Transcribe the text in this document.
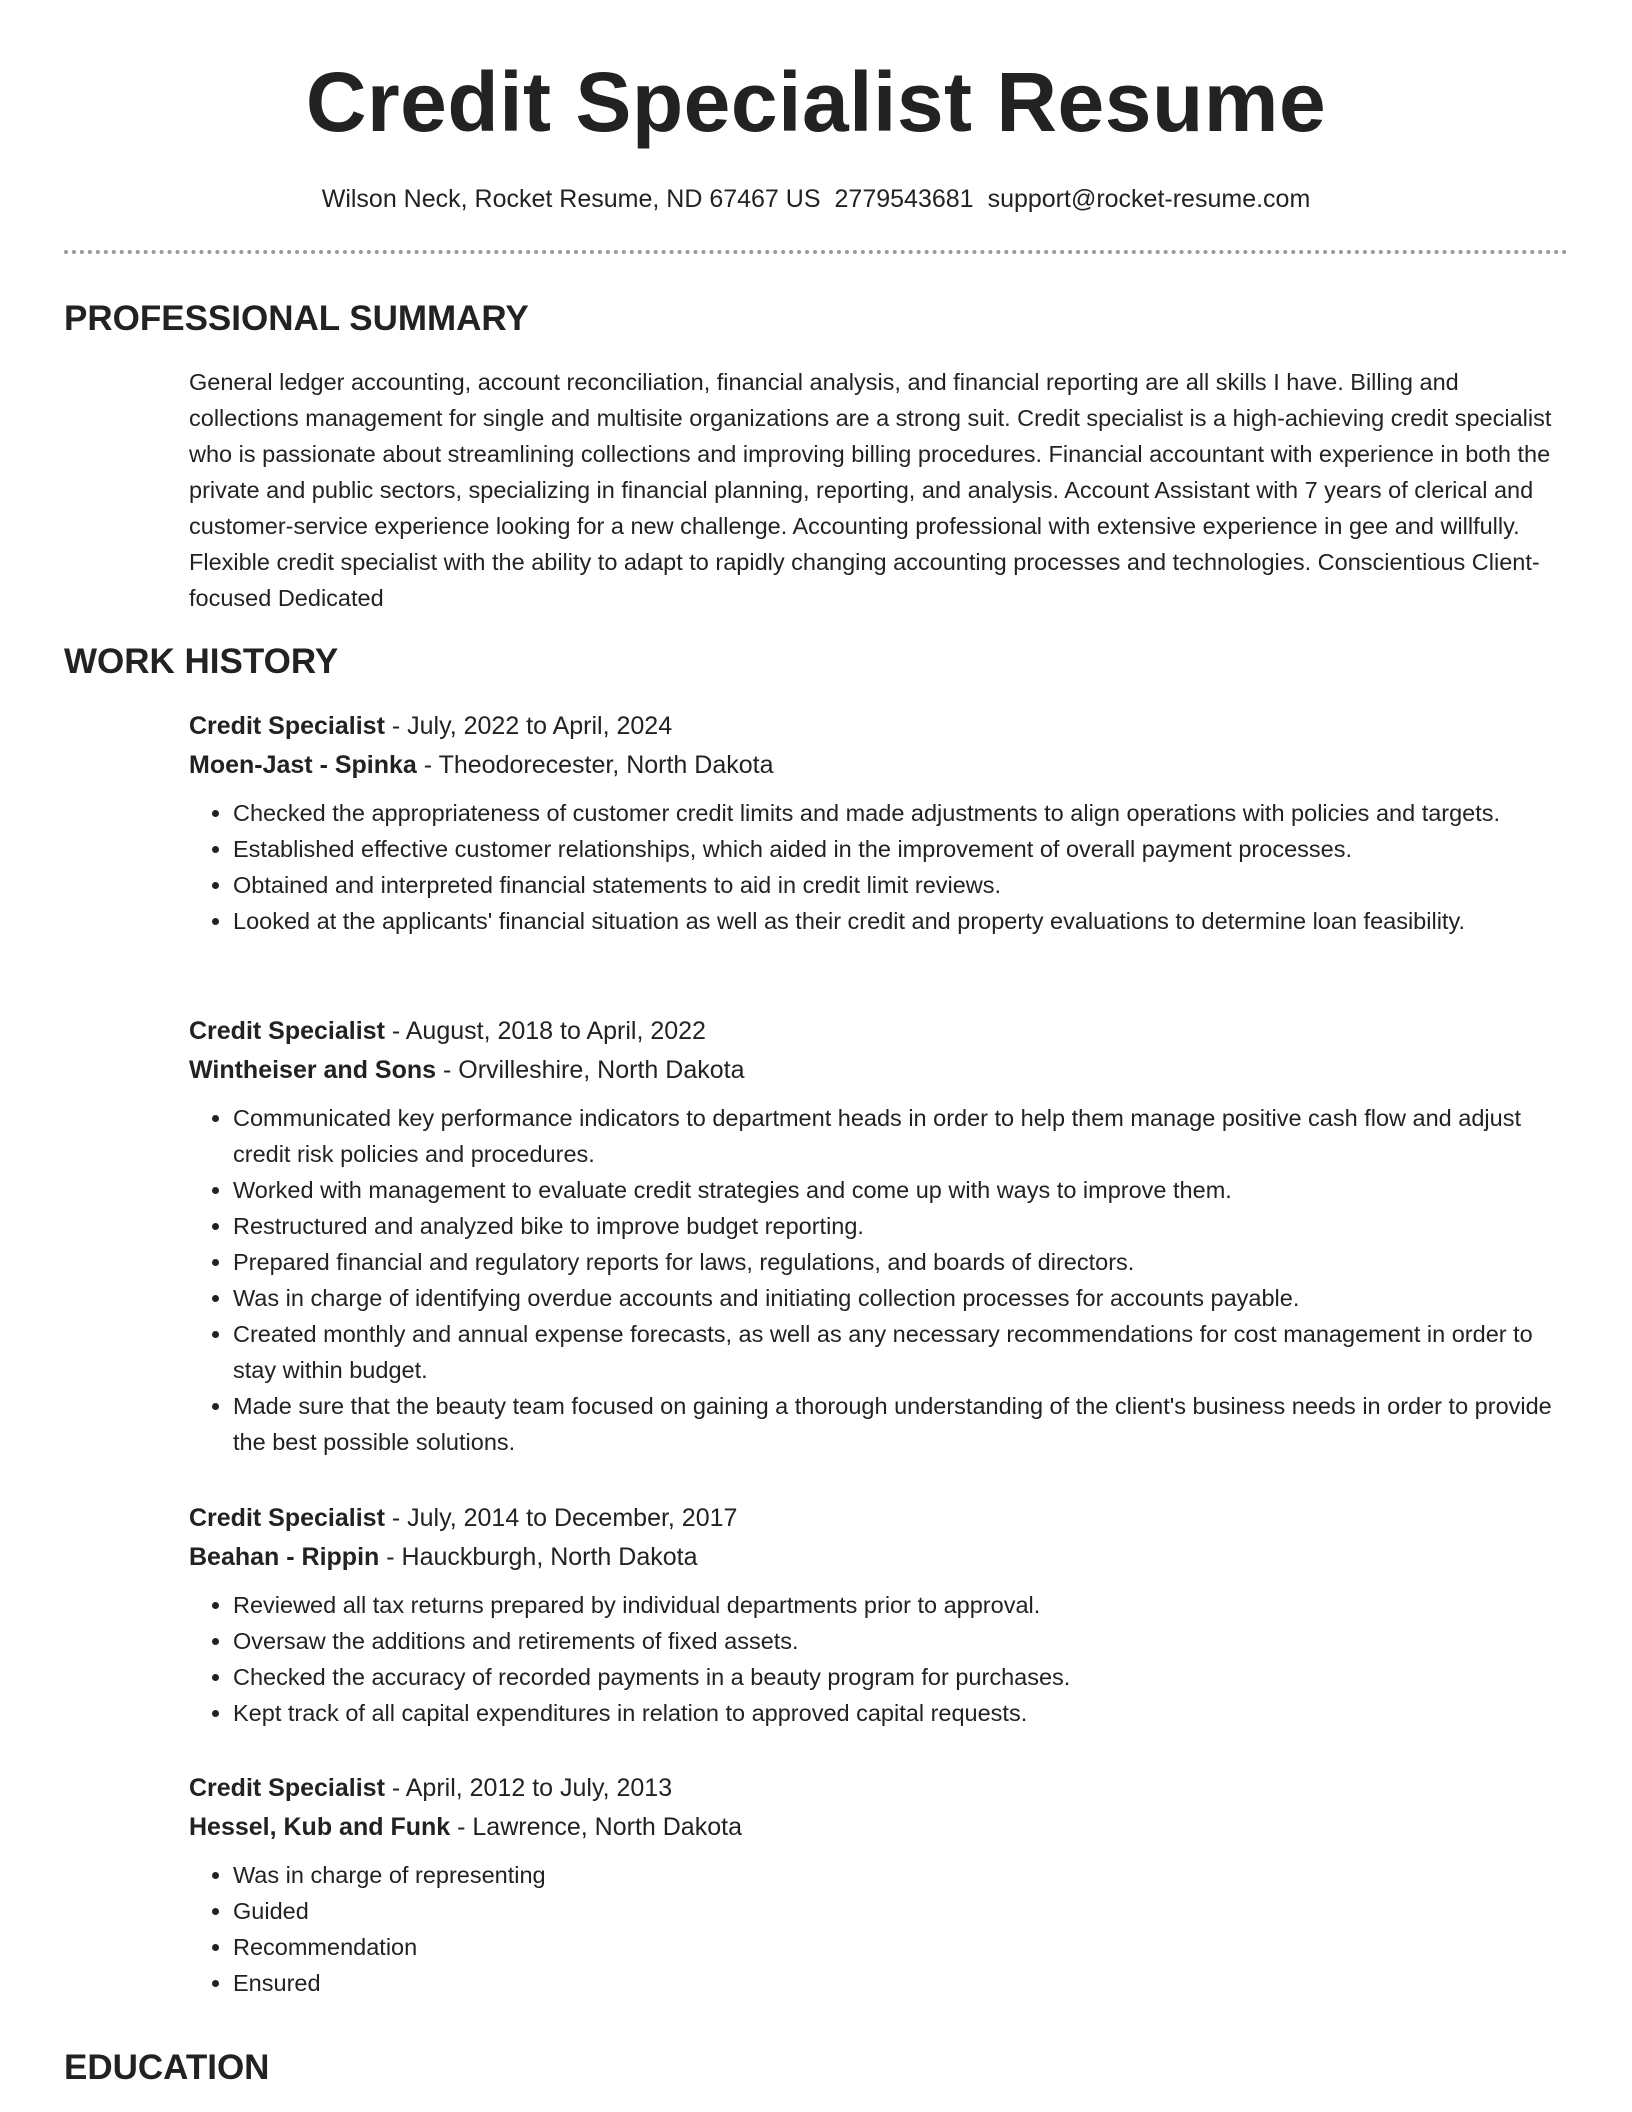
Credit Specialist Resume
Wilson Neck, Rocket Resume, ND 67467 US 2779543681 support@rocket-resume.com
PROFESSIONAL SUMMARY

General ledger accounting, account reconciliation, financial analysis, and financial reporting are all skills I have. Billing and collections management for single and multisite organizations are a strong suit. Credit specialist is a high-achieving credit specialist who is passionate about streamlining collections and improving billing procedures. Financial accountant with experience in both the private and public sectors, specializing in financial planning, reporting, and analysis. Account Assistant with 7 years of clerical and customer-service experience looking for a new challenge. Accounting professional with extensive experience in gee and willfully. Flexible credit specialist with the ability to adapt to rapidly changing accounting processes and technologies. Conscientious Client-focused Dedicated

WORK HISTORY
Credit Specialist - July, 2022 to April, 2024
Moen-Jast - Spinka - Theodorecester, North Dakota
• Checked the appropriateness of customer credit limits and made adjustments to align operations with policies and targets.
• Established effective customer relationships, which aided in the improvement of overall payment processes.
• Obtained and interpreted financial statements to aid in credit limit reviews.
• Looked at the applicants' financial situation as well as their credit and property evaluations to determine loan feasibility.
Credit Specialist - August, 2018 to April, 2022
Wintheiser and Sons - Orvilleshire, North Dakota
• Communicated key performance indicators to department heads in order to help them manage positive cash flow and adjust credit risk policies and procedures.
• Worked with management to evaluate credit strategies and come up with ways to improve them.
• Restructured and analyzed bike to improve budget reporting.
• Prepared financial and regulatory reports for laws, regulations, and boards of directors.
• Was in charge of identifying overdue accounts and initiating collection processes for accounts payable.
• Created monthly and annual expense forecasts, as well as any necessary recommendations for cost management in order to stay within budget.
• Made sure that the beauty team focused on gaining a thorough understanding of the client's business needs in order to provide the best possible solutions.
Credit Specialist - July, 2014 to December, 2017
Beahan - Rippin - Hauckburgh, North Dakota
• Reviewed all tax returns prepared by individual departments prior to approval.
• Oversaw the additions and retirements of fixed assets.
• Checked the accuracy of recorded payments in a beauty program for purchases.
• Kept track of all capital expenditures in relation to approved capital requests.
Credit Specialist - April, 2012 to July, 2013
Hessel, Kub and Funk - Lawrence, North Dakota
• Was in charge of representing
• Guided
• Recommendation
• Ensured
EDUCATION
